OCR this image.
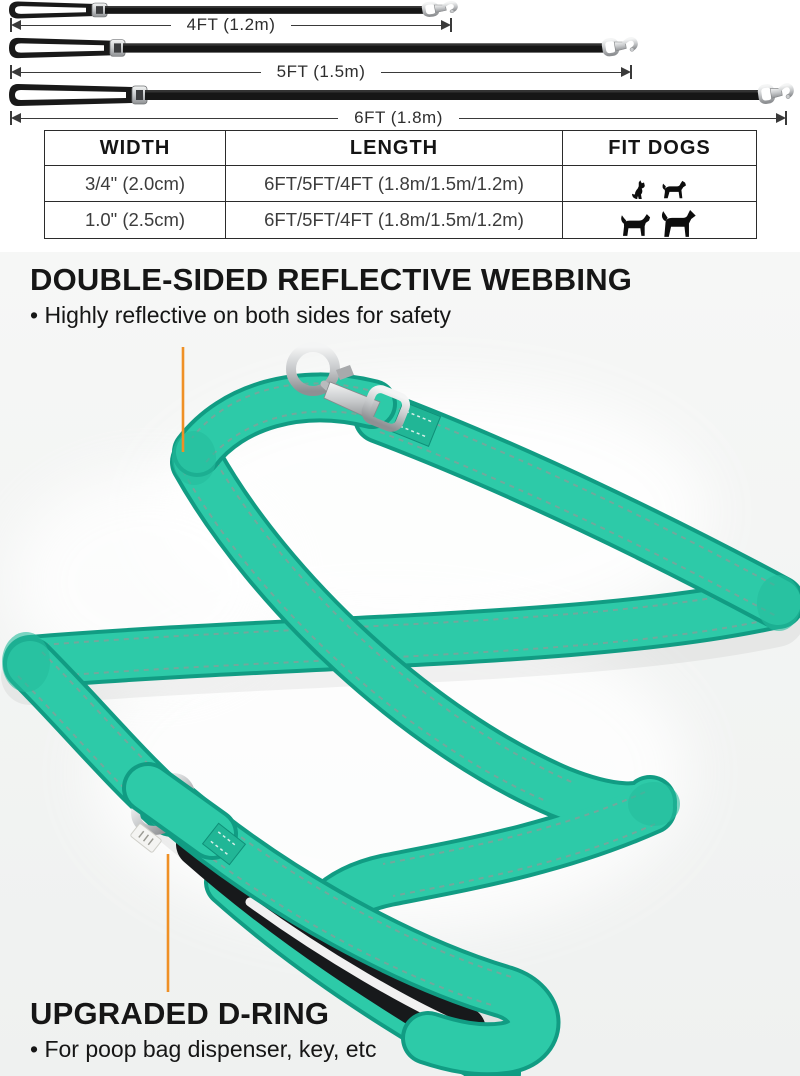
4FT (1.2m)
5FT (1.5m)
6FT (1.8m)
WIDTH	LENGTH	FIT DOGS
3/4" (2.0cm)	6FT/5FT/4FT (1.8m/1.5m/1.2m)	

1.0" (2.5cm)	6FT/5FT/4FT (1.8m/1.5m/1.2m)	
DOUBLE-SIDED REFLECTIVE WEBBING
• Highly reflective on both sides for safety
UPGRADED D-RING
• For poop bag dispenser, key, etc
